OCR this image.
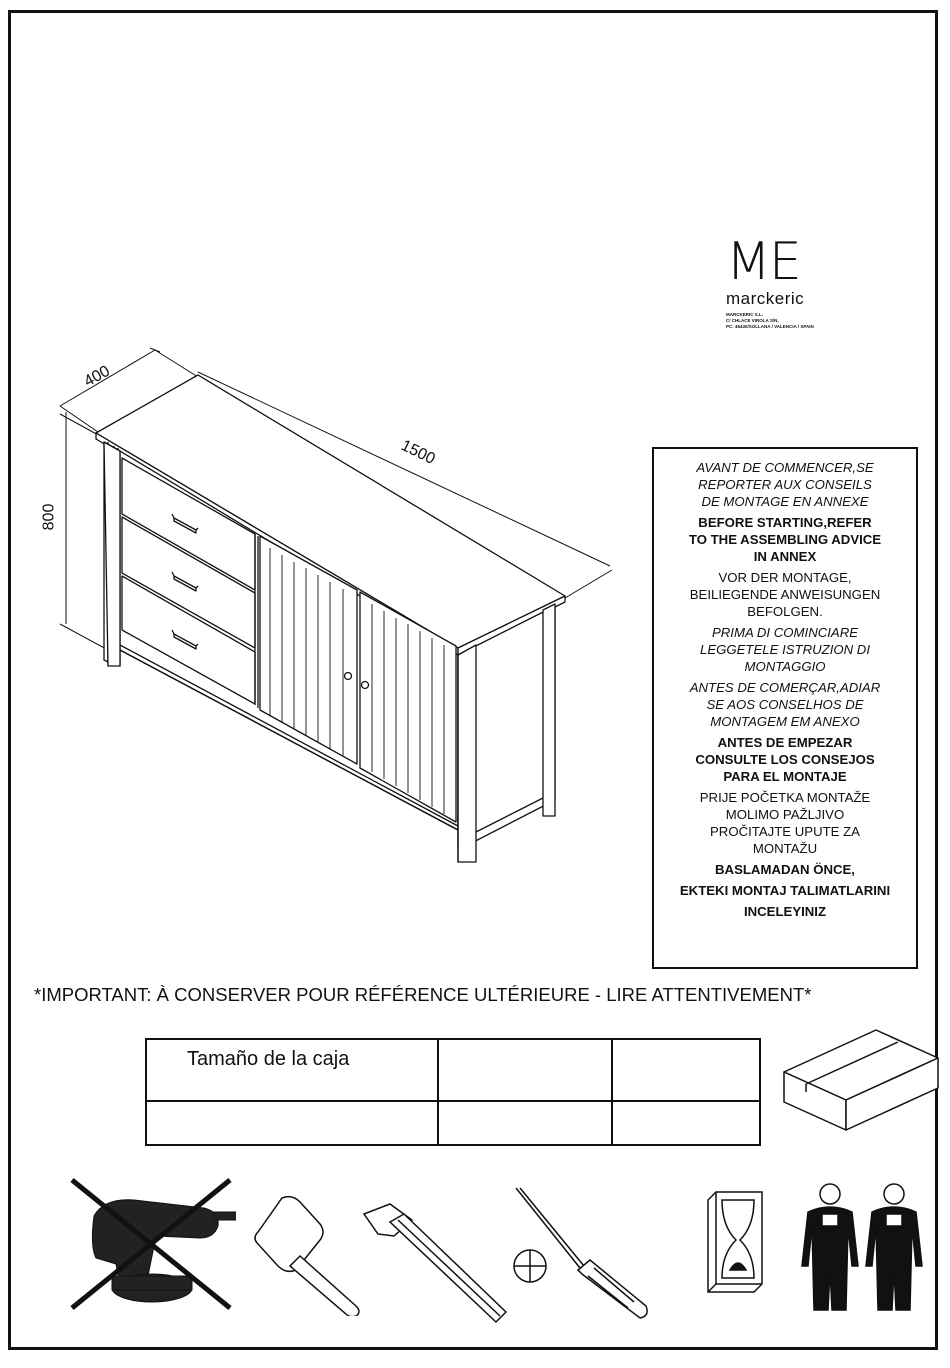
ME
marckeric
MARCKERIC S.L.
C/ CHLACE VIROLA S/N,
PC: 46430/SOLLANA / VALENCIA / SPAIN
400
800
1500	AVANT DE COMMENCER,SE
REPORTER AUX CONSEILS
DE MONTAGE EN ANNEXE
BEFORE STARTING,REFER
TO THE ASSEMBLING ADVICE
IN ANNEX
VOR DER MONTAGE,
BEILIEGENDE ANWEISUNGEN
BEFOLGEN.
PRIMA DI COMINCIARE
LEGGETELE ISTRUZION DI
MONTAGGIO
ANTES DE COMERÇAR,ADIAR
SE AOS CONSELHOS DE
MONTAGEM EM ANEXO
ANTES DE EMPEZAR
CONSULTE LOS CONSEJOS
PARA EL MONTAJE
PRIJE POČETKA MONTAŽE
MOLIMO PAŽLJIVO
PROČITAJTE UPUTE ZA
MONTAŽU
BASLAMADAN ÖNCE,
EKTEKI MONTAJ TALIMATLARINI
INCELEYINIZ
*IMPORTANT: À CONSERVER POUR RÉFÉRENCE ULTÉRIEURE - LIRE ATTENTIVEMENT*
Tamaño de la caja		
